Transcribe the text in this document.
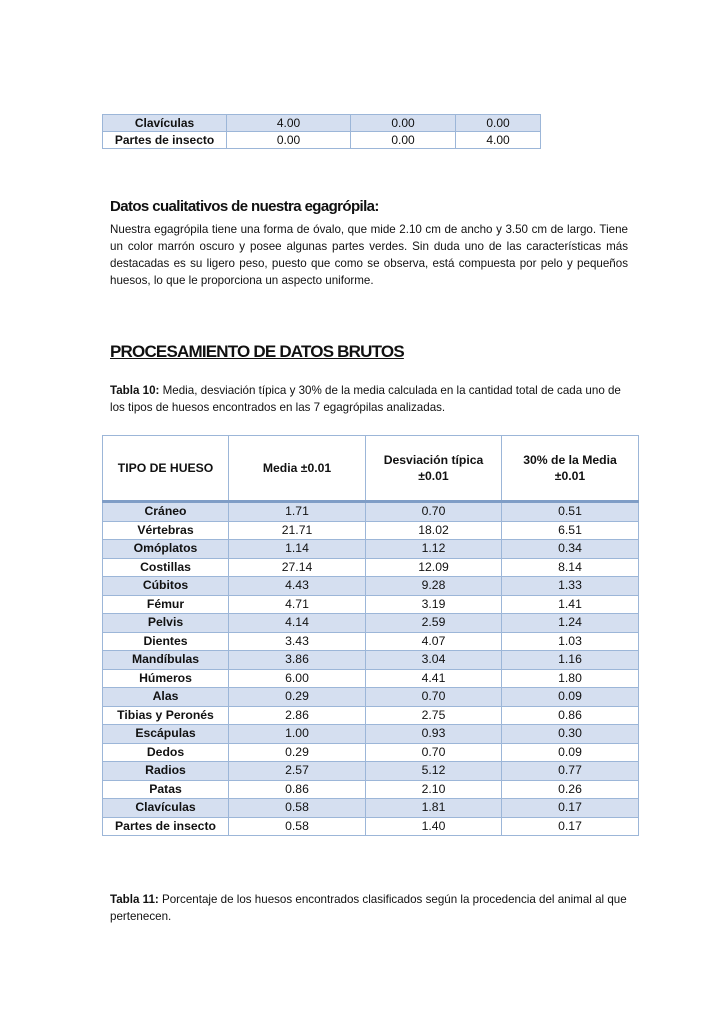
Clavículas	4.00	0.00	0.00
Partes de insecto	0.00	0.00	4.00
Datos cualitativos de nuestra egagrópila:

Nuestra egagrópila tiene una forma de óvalo, que mide 2.10 cm de ancho y 3.50 cm de largo. Tiene un color marrón oscuro y posee algunas partes verdes. Sin duda uno de las características más destacadas es su ligero peso, puesto que como se observa, está compuesta por pelo y pequeños huesos, lo que le proporciona un aspecto uniforme.

PROCESAMIENTO DE DATOS BRUTOS

Tabla 10: Media, desviación típica y 30% de la media calculada en la cantidad total de cada uno de los tipos de huesos encontrados en las 7 egagrópilas analizadas.

TIPO DE HUESO	Media ±0.01	Desviación típica ±0.01	30% de la Media ±0.01
Cráneo	1.71	0.70	0.51
Vértebras	21.71	18.02	6.51
Omóplatos	1.14	1.12	0.34
Costillas	27.14	12.09	8.14
Cúbitos	4.43	9.28	1.33
Fémur	4.71	3.19	1.41
Pelvis	4.14	2.59	1.24
Dientes	3.43	4.07	1.03
Mandíbulas	3.86	3.04	1.16
Húmeros	6.00	4.41	1.80
Alas	0.29	0.70	0.09
Tibias y Peronés	2.86	2.75	0.86
Escápulas	1.00	0.93	0.30
Dedos	0.29	0.70	0.09
Radios	2.57	5.12	0.77
Patas	0.86	2.10	0.26
Clavículas	0.58	1.81	0.17
Partes de insecto	0.58	1.40	0.17

Tabla 11: Porcentaje de los huesos encontrados clasificados según la procedencia del animal al que pertenecen.
